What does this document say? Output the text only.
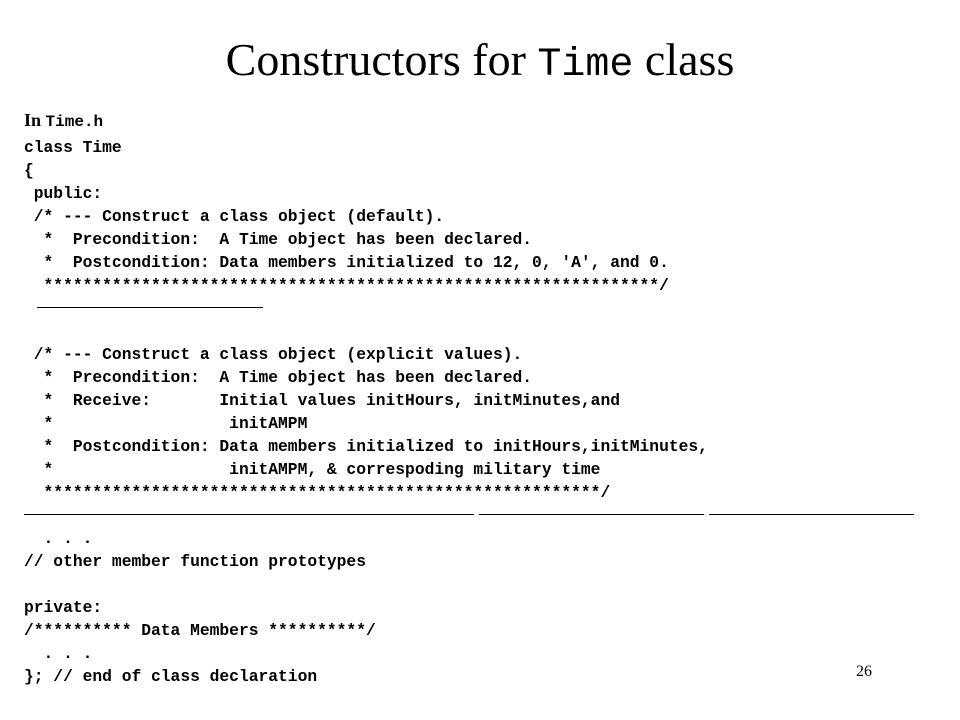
Constructors for Time class
In Time.h
class Time
{
public:
/* --- Construct a class object (default).
*  Precondition:  A Time object has been declared.
*  Postcondition: Data members initialized to 12, 0, 'A', and 0.
***************************************************************/
/* --- Construct a class object (explicit values).
*  Precondition:  A Time object has been declared.
*  Receive:       Initial values initHours, initMinutes,and
*                  initAMPM
*  Postcondition: Data members initialized to initHours,initMinutes,
*                  initAMPM, & correspoding military time
*********************************************************/
. . .
// other member function prototypes
private:
/********** Data Members **********/
. . .
}; // end of class declaration	26
